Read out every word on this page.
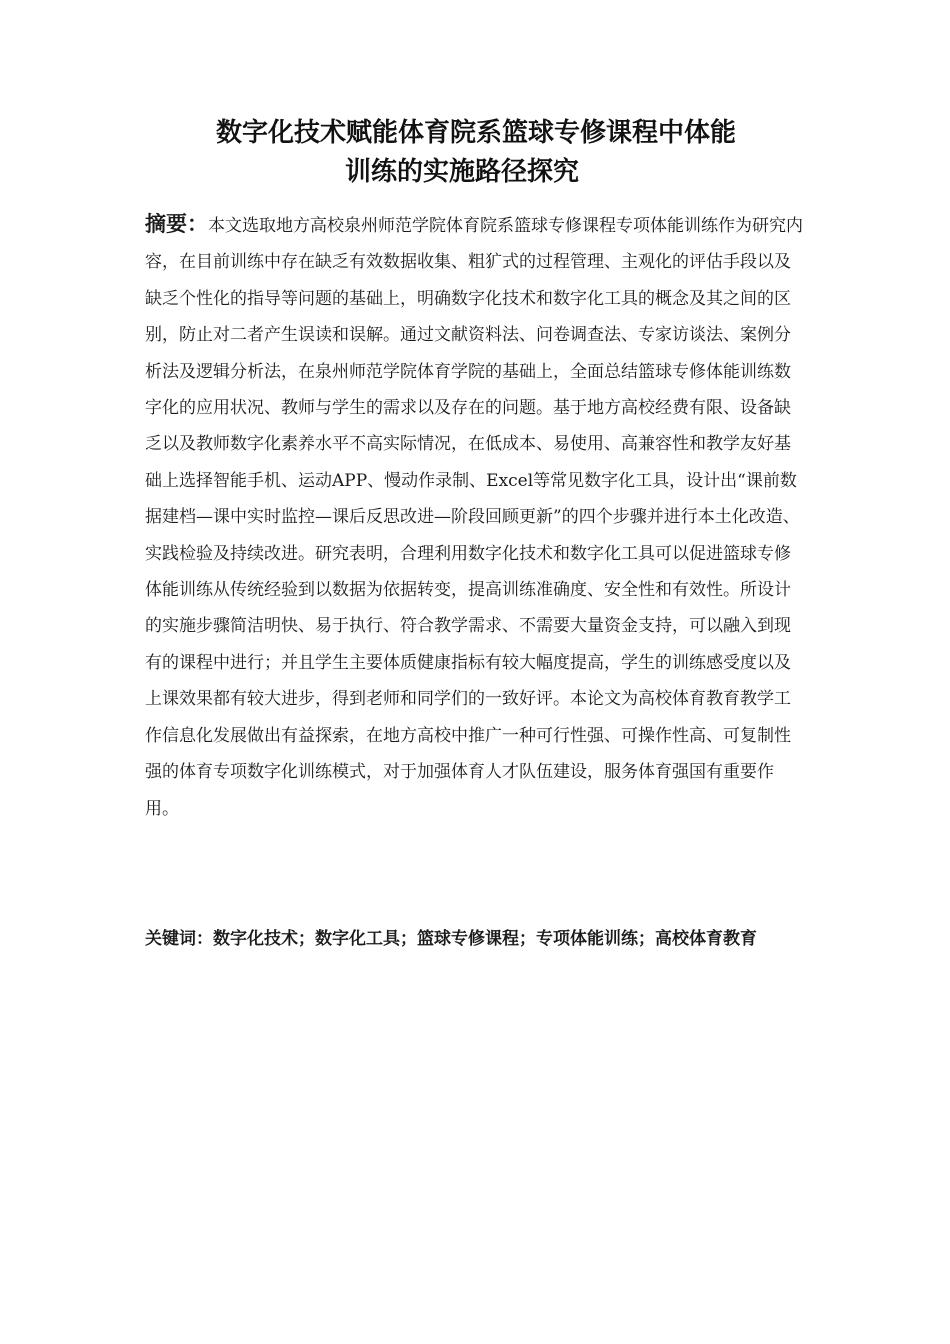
数字化技术赋能体育院系篮球专修课程中体能
训练的实施路径探究

摘要：本文选取地方高校泉州师范学院体育院系篮球专修课程专项体能训练作为研究内容，在目前训练中存在缺乏有效数据收集、粗犷式的过程管理、主观化的评估手段以及缺乏个性化的指导等问题的基础上，明确数字化技术和数字化工具的概念及其之间的区别，防止对二者产生误读和误解。通过文献资料法、问卷调查法、专家访谈法、案例分析法及逻辑分析法，在泉州师范学院体育学院的基础上，全面总结篮球专修体能训练数字化的应用状况、教师与学生的需求以及存在的问题。基于地方高校经费有限、设备缺乏以及教师数字化素养水平不高实际情况，在低成本、易使用、高兼容性和教学友好基础上选择智能手机、运动APP、慢动作录制、Excel等常见数字化工具，设计出“课前数据建档—课中实时监控—课后反思改进—阶段回顾更新”的四个步骤并进行本土化改造、实践检验及持续改进。研究表明，合理利用数字化技术和数字化工具可以促进篮球专修体能训练从传统经验到以数据为依据转变，提高训练准确度、安全性和有效性。所设计的实施步骤简洁明快、易于执行、符合教学需求、不需要大量资金支持，可以融入到现有的课程中进行；并且学生主要体质健康指标有较大幅度提高，学生的训练感受度以及上课效果都有较大进步，得到老师和同学们的一致好评。本论文为高校体育教育教学工作信息化发展做出有益探索，在地方高校中推广一种可行性强、可操作性高、可复制性强的体育专项数字化训练模式，对于加强体育人才队伍建设，服务体育强国有重要作用。

关键词：数字化技术；数字化工具；篮球专修课程；专项体能训练；高校体育教育
